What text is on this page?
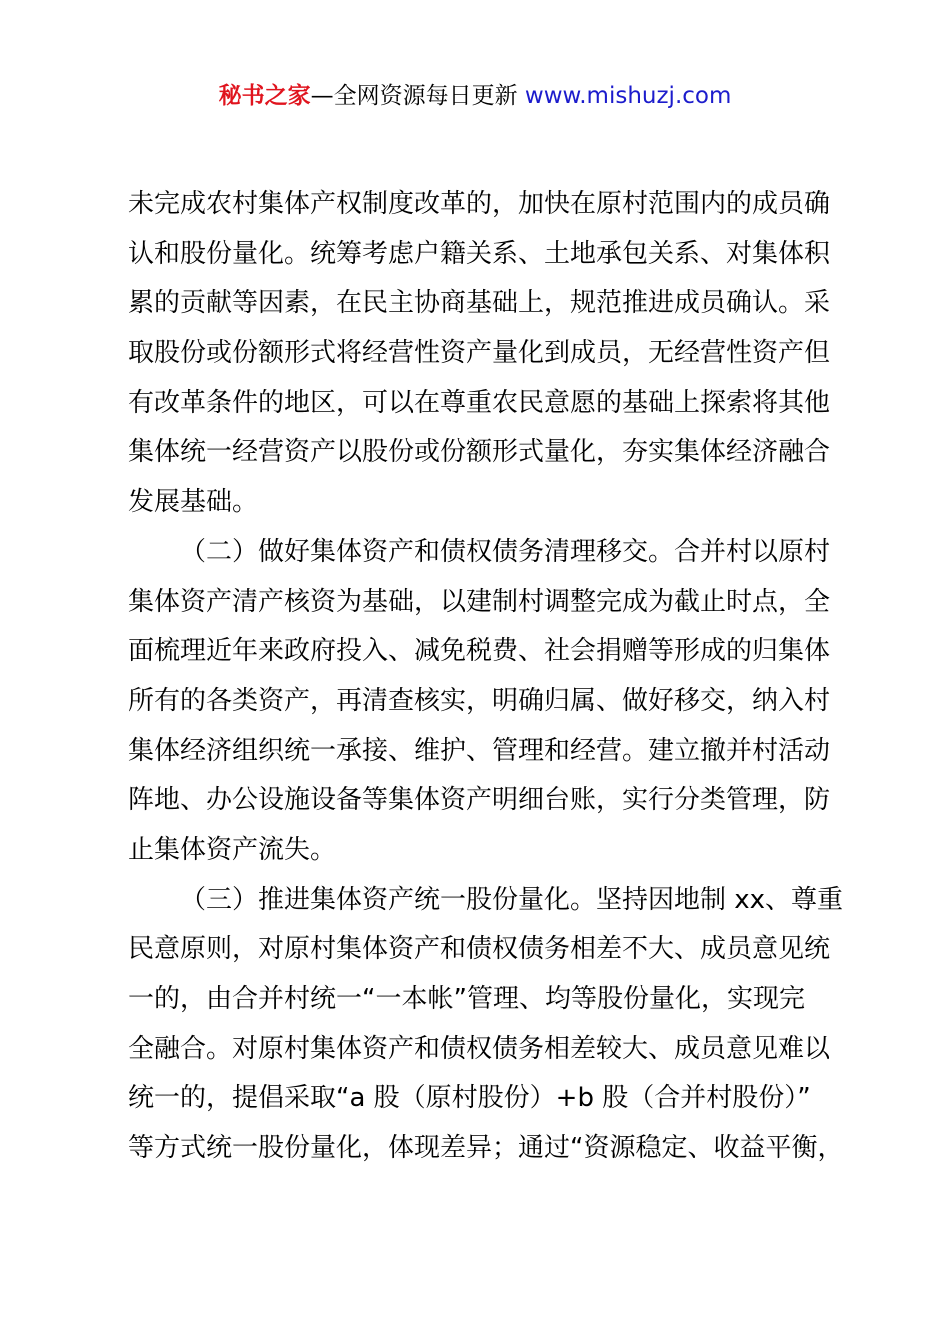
秘书之家—全网资源每日更新 www.mishuzj.com
未完成农村集体产权制度改革的，加快在原村范围内的成员确
认和股份量化。统筹考虑户籍关系、土地承包关系、对集体积
累的贡献等因素，在民主协商基础上，规范推进成员确认。采
取股份或份额形式将经营性资产量化到成员，无经营性资产但
有改革条件的地区，可以在尊重农民意愿的基础上探索将其他
集体统一经营资产以股份或份额形式量化，夯实集体经济融合
发展基础。
（二）做好集体资产和债权债务清理移交。合并村以原村
集体资产清产核资为基础，以建制村调整完成为截止时点，全
面梳理近年来政府投入、减免税费、社会捐赠等形成的归集体
所有的各类资产，再清查核实，明确归属、做好移交，纳入村
集体经济组织统一承接、维护、管理和经营。建立撤并村活动
阵地、办公设施设备等集体资产明细台账，实行分类管理，防
止集体资产流失。
（三）推进集体资产统一股份量化。坚持因地制 xx、尊重
民意原则，对原村集体资产和债权债务相差不大、成员意见统
一的，由合并村统一“一本帐”管理、均等股份量化，实现完
全融合。对原村集体资产和债权债务相差较大、成员意见难以
统一的，提倡采取“a 股（原村股份）+b 股（合并村股份）”
等方式统一股份量化，体现差异；通过“资源稳定、收益平衡，
